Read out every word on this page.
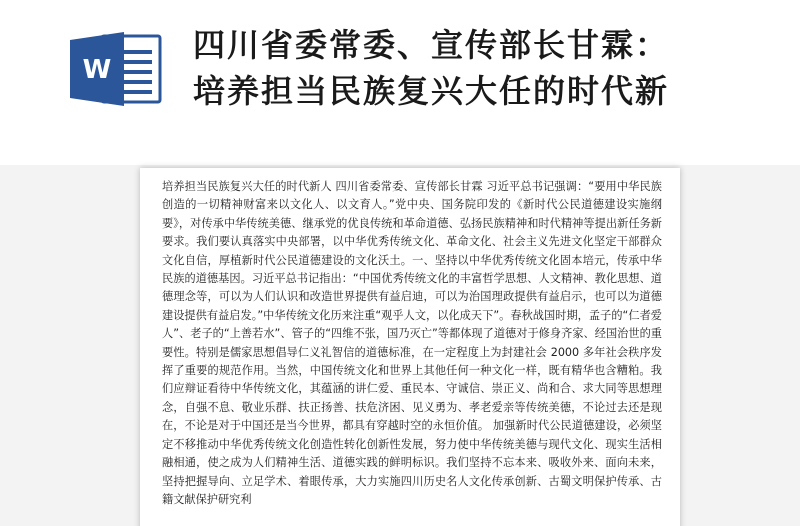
W
四川省委常委、宣传部长甘霖：
培养担当民族复兴大任的时代新
培养担当民族复兴大任的时代新人 四川省委常委、宣传部长甘霖 习近平总书记强调：“要用中华民族创造的一切精神财富来以文化人、以文育人。”党中央、国务院印发的《新时代公民道德建设实施纲要》，对传承中华传统美德、继承党的优良传统和革命道德、弘扬民族精神和时代精神等提出新任务新要求。我们要认真落实中央部署，以中华优秀传统文化、革命文化、社会主义先进文化坚定干部群众文化自信，厚植新时代公民道德建设的文化沃土。一、坚持以中华优秀传统文化固本培元，传承中华民族的道德基因。习近平总书记指出：“中国优秀传统文化的丰富哲学思想、人文精神、教化思想、道德理念等，可以为人们认识和改造世界提供有益启迪，可以为治国理政提供有益启示，也可以为道德建设提供有益启发。”中华传统文化历来注重“观乎人文，以化成天下”。春秋战国时期，孟子的“仁者爱人”、老子的“上善若水”、管子的“四维不张，国乃灭亡”等都体现了道德对于修身齐家、经国治世的重要性。特别是儒家思想倡导仁义礼智信的道德标准，在一定程度上为封建社会 2000 多年社会秩序发挥了重要的规范作用。当然，中国传统文化和世界上其他任何一种文化一样，既有精华也含糟粕。我们应辩证看待中华传统文化，其蕴涵的讲仁爱、重民本、守诚信、崇正义、尚和合、求大同等思想理念，自强不息、敬业乐群、扶正扬善、扶危济困、见义勇为、孝老爱亲等传统美德，不论过去还是现在，不论是对于中国还是当今世界，都具有穿越时空的永恒价值。 加强新时代公民道德建设，必须坚定不移推动中华优秀传统文化创造性转化创新性发展，努力使中华传统美德与现代文化、现实生活相融相通，使之成为人们精神生活、道德实践的鲜明标识。我们坚持不忘本来、吸收外来、面向未来，坚持把握导向、立足学术、着眼传承，大力实施四川历史名人文化传承创新、古蜀文明保护传承、古籍文献保护研究利
